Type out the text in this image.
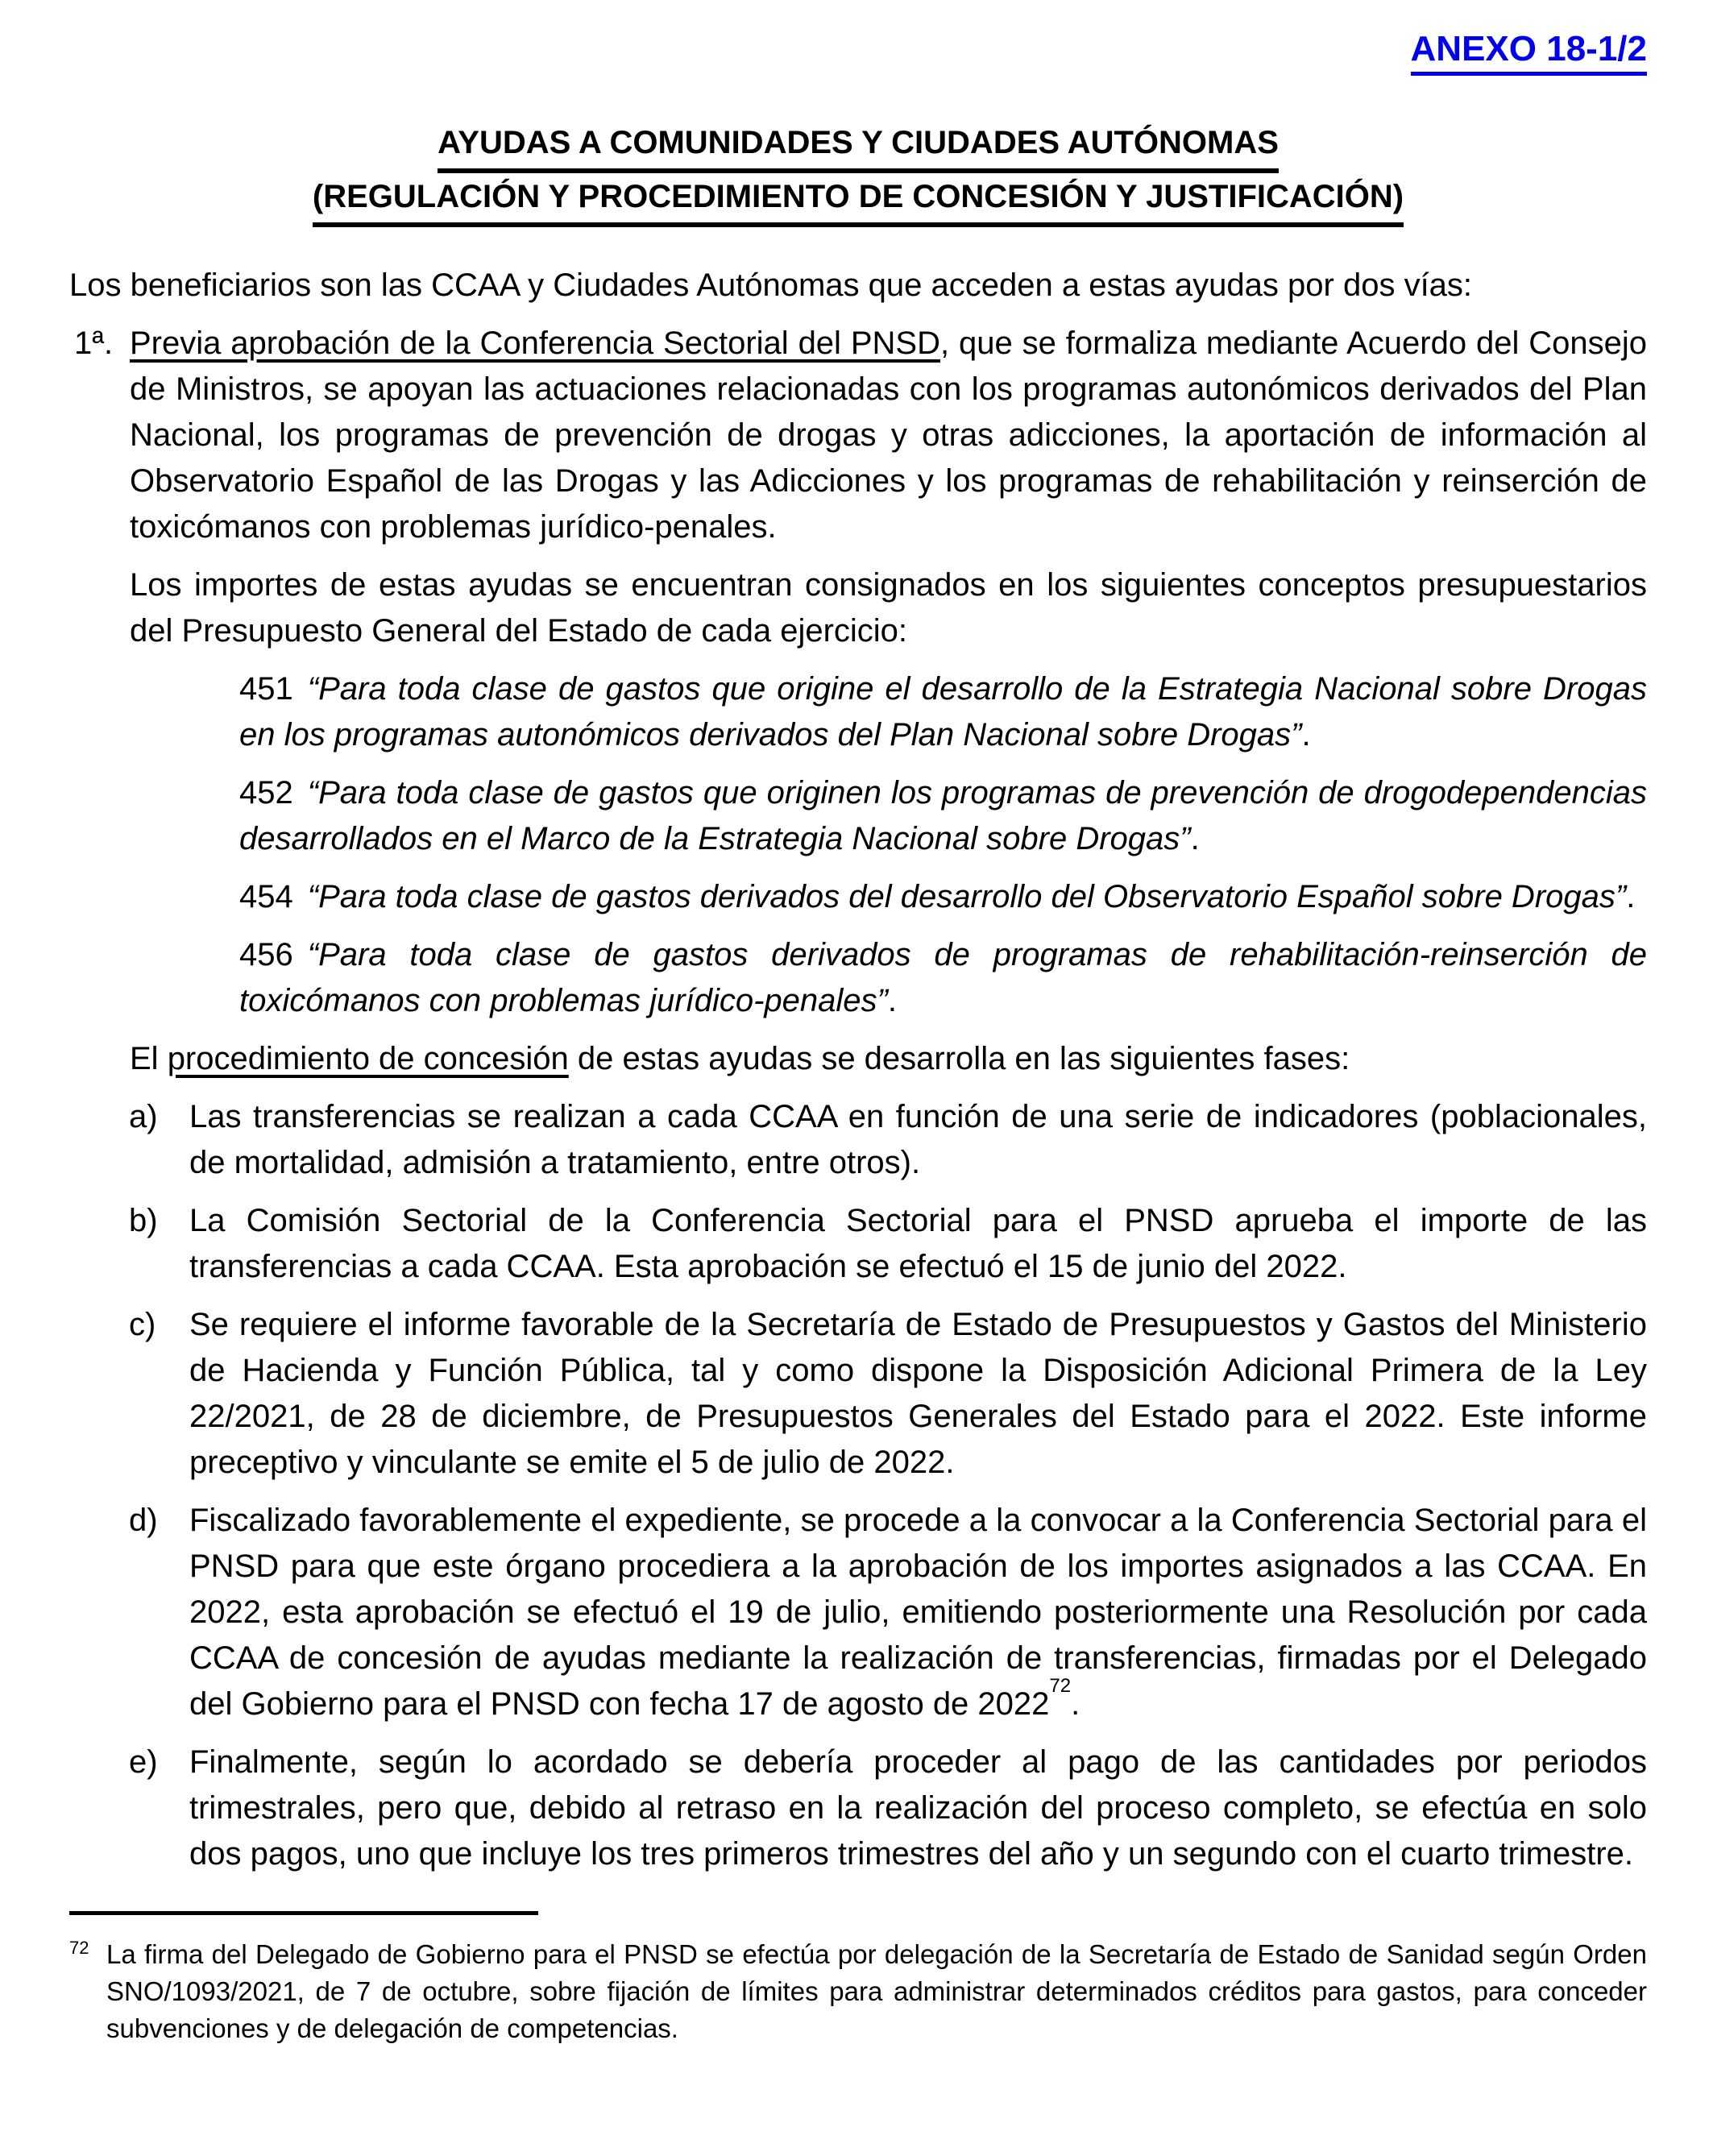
ANEXO 18-1/2
AYUDAS A COMUNIDADES Y CIUDADES AUTÓNOMAS
(REGULACIÓN Y PROCEDIMIENTO DE CONCESIÓN Y JUSTIFICACIÓN)

Los beneficiarios son las CCAA y Ciudades Autónomas que acceden a estas ayudas por dos vías:

1ª. Previa aprobación de la Conferencia Sectorial del PNSD, que se formaliza mediante Acuerdo del Consejo de Ministros, se apoyan las actuaciones relacionadas con los programas autonómicos derivados del Plan Nacional, los programas de prevención de drogas y otras adicciones, la aportación de información al Observatorio Español de las Drogas y las Adicciones y los programas de rehabilitación y reinserción de toxicómanos con problemas jurídico-penales.

Los importes de estas ayudas se encuentran consignados en los siguientes conceptos presupuestarios del Presupuesto General del Estado de cada ejercicio:

451 “Para toda clase de gastos que origine el desarrollo de la Estrategia Nacional sobre Drogas en los programas autonómicos derivados del Plan Nacional sobre Drogas”.
452 “Para toda clase de gastos que originen los programas de prevención de drogodependencias desarrollados en el Marco de la Estrategia Nacional sobre Drogas”.
454 “Para toda clase de gastos derivados del desarrollo del Observatorio Español sobre Drogas”.
456 “Para toda clase de gastos derivados de programas de rehabilitación-reinserción de toxicómanos con problemas jurídico-penales”.

El procedimiento de concesión de estas ayudas se desarrolla en las siguientes fases:

a) Las transferencias se realizan a cada CCAA en función de una serie de indicadores (poblacionales, de mortalidad, admisión a tratamiento, entre otros).
b) La Comisión Sectorial de la Conferencia Sectorial para el PNSD aprueba el importe de las transferencias a cada CCAA. Esta aprobación se efectuó el 15 de junio del 2022.
c) Se requiere el informe favorable de la Secretaría de Estado de Presupuestos y Gastos del Ministerio de Hacienda y Función Pública, tal y como dispone la Disposición Adicional Primera de la Ley 22/2021, de 28 de diciembre, de Presupuestos Generales del Estado para el 2022. Este informe preceptivo y vinculante se emite el 5 de julio de 2022.
d) Fiscalizado favorablemente el expediente, se procede a la convocar a la Conferencia Sectorial para el PNSD para que este órgano procediera a la aprobación de los importes asignados a las CCAA. En 2022, esta aprobación se efectuó el 19 de julio, emitiendo posteriormente una Resolución por cada CCAA de concesión de ayudas mediante la realización de transferencias, firmadas por el Delegado del Gobierno para el PNSD con fecha 17 de agosto de 2022$^{72}$.
e) Finalmente, según lo acordado se debería proceder al pago de las cantidades por periodos trimestrales, pero que, debido al retraso en la realización del proceso completo, se efectúa en solo dos pagos, uno que incluye los tres primeros trimestres del año y un segundo con el cuarto trimestre.
72 La firma del Delegado de Gobierno para el PNSD se efectúa por delegación de la Secretaría de Estado de Sanidad según Orden SNO/1093/2021, de 7 de octubre, sobre fijación de límites para administrar determinados créditos para gastos, para conceder subvenciones y de delegación de competencias.
